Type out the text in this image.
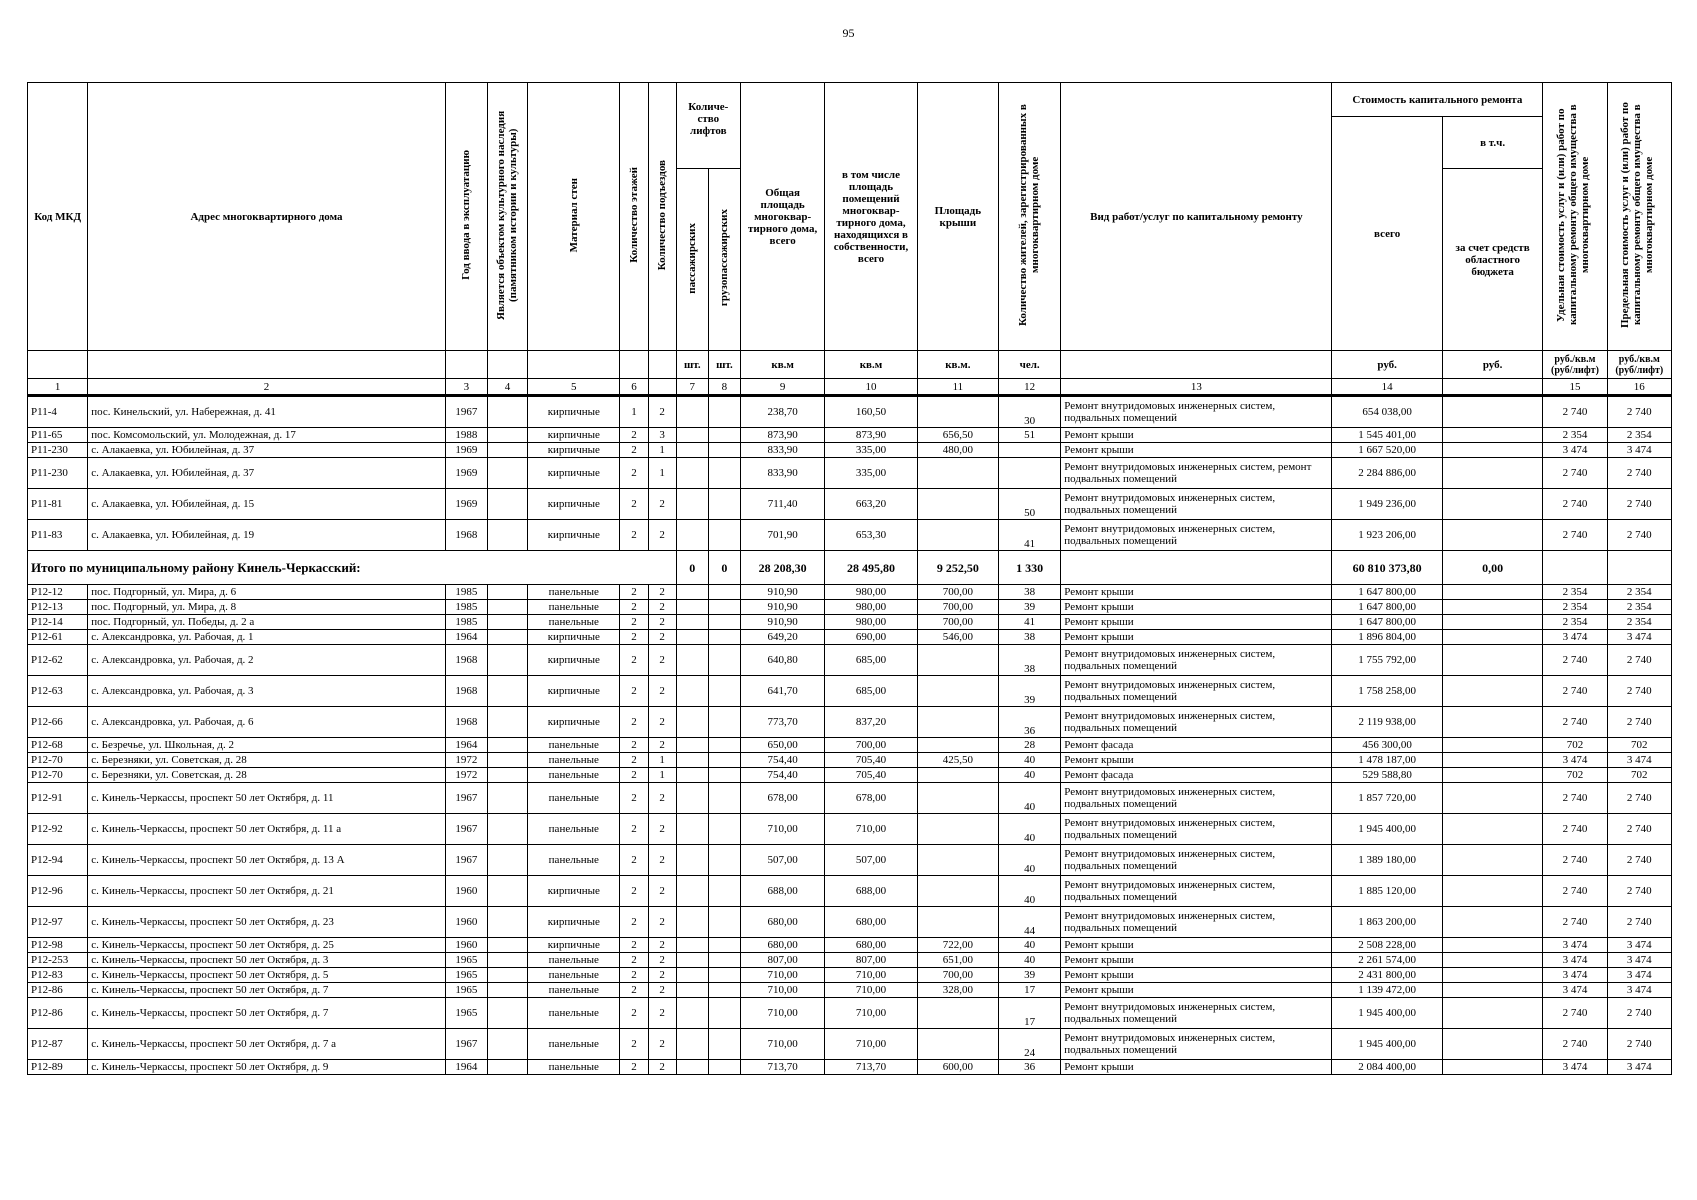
95
Код МКД	Адрес многоквартирного дома	Год ввода в эксплуатацию	Является объектом культурного наследия (памятником истории и культуры)	Материал стен	Количество этажей	Количество подъездов	Количе-ство лифтов		Общая площадь многоквар-тирного дома, всего	в том числе площадь помещений многоквар-тирного дома, находящихся в собственности, всего	Площадь крыши	Количество жителей, зарегистрированных в многоквартирном доме	Вид работ/услуг по капитальному ремонту	Стоимость капитального ремонта		Удельная стоимость услуг и (или) работ по капитальному ремонту общего имущества в многоквартирном доме	Предельная стоимость услуг и (или) работ по капитальному ремонту общего имущества в многоквартирном доме
														всего	в т.ч.		
							пассажирских	грузопассажирских							за счет средств областного бюджета		
							шт.	шт.	кв.м	кв.м	кв.м.	чел.		руб.	руб.	руб./кв.м (руб/лифт)	руб./кв.м (руб/лифт)
1	2	3	4	5	6		7	8	9	10	11	12	13	14		15	16
Р11-4	пос. Кинельский, ул. Набережная, д. 41	1967		кирпичные	1	2			238,70	160,50		30	Ремонт внутридомовых инженерных систем, подвальных помещений	654 038,00		2 740	2 740
Р11-65	пос. Комсомольский, ул. Молодежная, д. 17	1988		кирпичные	2	3			873,90	873,90	656,50	51	Ремонт крыши	1 545 401,00		2 354	2 354
Р11-230	с. Алакаевка, ул. Юбилейная, д. 37	1969		кирпичные	2	1			833,90	335,00	480,00		Ремонт крыши	1 667 520,00		3 474	3 474
Р11-230	с. Алакаевка, ул. Юбилейная, д. 37	1969		кирпичные	2	1			833,90	335,00			Ремонт внутридомовых инженерных систем, ремонт подвальных помещений	2 284 886,00		2 740	2 740
Р11-81	с. Алакаевка, ул. Юбилейная, д. 15	1969		кирпичные	2	2			711,40	663,20		50	Ремонт внутридомовых инженерных систем, подвальных помещений	1 949 236,00		2 740	2 740
Р11-83	с. Алакаевка, ул. Юбилейная, д. 19	1968		кирпичные	2	2			701,90	653,30		41	Ремонт внутридомовых инженерных систем, подвальных помещений	1 923 206,00		2 740	2 740
Итого по муниципальному району Кинель-Черкасский:							0	0	28 208,30	28 495,80	9 252,50	1 330		60 810 373,80	0,00		
Р12-12	пос. Подгорный, ул. Мира, д. 6	1985		панельные	2	2			910,90	980,00	700,00	38	Ремонт крыши	1 647 800,00		2 354	2 354
Р12-13	пос. Подгорный, ул. Мира, д. 8	1985		панельные	2	2			910,90	980,00	700,00	39	Ремонт крыши	1 647 800,00		2 354	2 354
Р12-14	пос. Подгорный, ул. Победы, д. 2 а	1985		панельные	2	2			910,90	980,00	700,00	41	Ремонт крыши	1 647 800,00		2 354	2 354
Р12-61	с. Александровка, ул. Рабочая, д. 1	1964		кирпичные	2	2			649,20	690,00	546,00	38	Ремонт крыши	1 896 804,00		3 474	3 474
Р12-62	с. Александровка, ул. Рабочая, д. 2	1968		кирпичные	2	2			640,80	685,00		38	Ремонт внутридомовых инженерных систем, подвальных помещений	1 755 792,00		2 740	2 740
Р12-63	с. Александровка, ул. Рабочая, д. 3	1968		кирпичные	2	2			641,70	685,00		39	Ремонт внутридомовых инженерных систем, подвальных помещений	1 758 258,00		2 740	2 740
Р12-66	с. Александровка, ул. Рабочая, д. 6	1968		кирпичные	2	2			773,70	837,20		36	Ремонт внутридомовых инженерных систем, подвальных помещений	2 119 938,00		2 740	2 740
Р12-68	с. Безречье, ул. Школьная, д. 2	1964		панельные	2	2			650,00	700,00		28	Ремонт фасада	456 300,00		702	702
Р12-70	с. Березняки, ул. Советская, д. 28	1972		панельные	2	1			754,40	705,40	425,50	40	Ремонт крыши	1 478 187,00		3 474	3 474
Р12-70	с. Березняки, ул. Советская, д. 28	1972		панельные	2	1			754,40	705,40		40	Ремонт фасада	529 588,80		702	702
Р12-91	с. Кинель-Черкассы, проспект 50 лет Октября, д. 11	1967		панельные	2	2			678,00	678,00		40	Ремонт внутридомовых инженерных систем, подвальных помещений	1 857 720,00		2 740	2 740
Р12-92	с. Кинель-Черкассы, проспект 50 лет Октября, д. 11 а	1967		панельные	2	2			710,00	710,00		40	Ремонт внутридомовых инженерных систем, подвальных помещений	1 945 400,00		2 740	2 740
Р12-94	с. Кинель-Черкассы, проспект 50 лет Октября, д. 13 А	1967		панельные	2	2			507,00	507,00		40	Ремонт внутридомовых инженерных систем, подвальных помещений	1 389 180,00		2 740	2 740
Р12-96	с. Кинель-Черкассы, проспект 50 лет Октября, д. 21	1960		кирпичные	2	2			688,00	688,00		40	Ремонт внутридомовых инженерных систем, подвальных помещений	1 885 120,00		2 740	2 740
Р12-97	с. Кинель-Черкассы, проспект 50 лет Октября, д. 23	1960		кирпичные	2	2			680,00	680,00		44	Ремонт внутридомовых инженерных систем, подвальных помещений	1 863 200,00		2 740	2 740
Р12-98	с. Кинель-Черкассы, проспект 50 лет Октября, д. 25	1960		кирпичные	2	2			680,00	680,00	722,00	40	Ремонт крыши	2 508 228,00		3 474	3 474
Р12-253	с. Кинель-Черкассы, проспект 50 лет Октября, д. 3	1965		панельные	2	2			807,00	807,00	651,00	40	Ремонт крыши	2 261 574,00		3 474	3 474
Р12-83	с. Кинель-Черкассы, проспект 50 лет Октября, д. 5	1965		панельные	2	2			710,00	710,00	700,00	39	Ремонт крыши	2 431 800,00		3 474	3 474
Р12-86	с. Кинель-Черкассы, проспект 50 лет Октября, д. 7	1965		панельные	2	2			710,00	710,00	328,00	17	Ремонт крыши	1 139 472,00		3 474	3 474
Р12-86	с. Кинель-Черкассы, проспект 50 лет Октября, д. 7	1965		панельные	2	2			710,00	710,00		17	Ремонт внутридомовых инженерных систем, подвальных помещений	1 945 400,00		2 740	2 740
Р12-87	с. Кинель-Черкассы, проспект 50 лет Октября, д. 7 а	1967		панельные	2	2			710,00	710,00		24	Ремонт внутридомовых инженерных систем, подвальных помещений	1 945 400,00		2 740	2 740
Р12-89	с. Кинель-Черкассы, проспект 50 лет Октября, д. 9	1964		панельные	2	2			713,70	713,70	600,00	36	Ремонт крыши	2 084 400,00		3 474	3 474
